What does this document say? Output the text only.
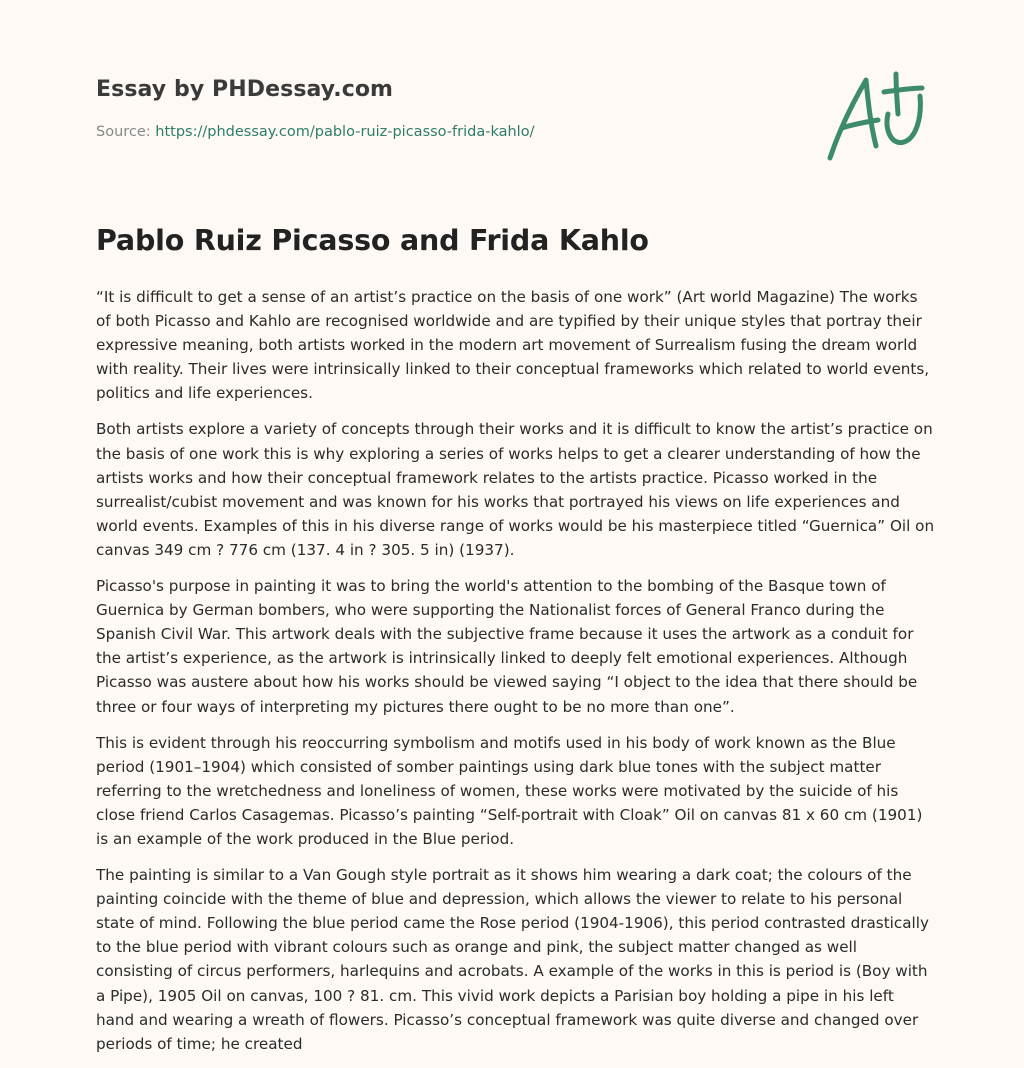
Essay by PHDessay.com
Source: https://phdessay.com/pablo-ruiz-picasso-frida-kahlo/
Pablo Ruiz Picasso and Frida Kahlo

“It is difficult to get a sense of an artist’s practice on the basis of one work” (Art world Magazine) The works of both Picasso and Kahlo are recognised worldwide and are typified by their unique styles that portray their expressive meaning, both artists worked in the modern art movement of Surrealism fusing the dream world with reality. Their lives were intrinsically linked to their conceptual frameworks which related to world events, politics and life experiences.

Both artists explore a variety of concepts through their works and it is difficult to know the artist’s practice on the basis of one work this is why exploring a series of works helps to get a clearer understanding of how the artists works and how their conceptual framework relates to the artists practice. Picasso worked in the surrealist/cubist movement and was known for his works that portrayed his views on life experiences and world events. Examples of this in his diverse range of works would be his masterpiece titled “Guernica” Oil on canvas 349 cm ? 776 cm (137. 4 in ? 305. 5 in) (1937).

Picasso's purpose in painting it was to bring the world's attention to the bombing of the Basque town of Guernica by German bombers, who were supporting the Nationalist forces of General Franco during the Spanish Civil War. This artwork deals with the subjective frame because it uses the artwork as a conduit for the artist’s experience, as the artwork is intrinsically linked to deeply felt emotional experiences. Although Picasso was austere about how his works should be viewed saying “I object to the idea that there should be three or four ways of interpreting my pictures there ought to be no more than one”.

This is evident through his reoccurring symbolism and motifs used in his body of work known as the Blue period (1901–1904) which consisted of somber paintings using dark blue tones with the subject matter referring to the wretchedness and loneliness of women, these works were motivated by the suicide of his close friend Carlos Casagemas. Picasso’s painting “Self-portrait with Cloak” Oil on canvas 81 x 60 cm (1901) is an example of the work produced in the Blue period.

The painting is similar to a Van Gough style portrait as it shows him wearing a dark coat; the colours of the painting coincide with the theme of blue and depression, which allows the viewer to relate to his personal state of mind. Following the blue period came the Rose period (1904-1906), this period contrasted drastically to the blue period with vibrant colours such as orange and pink, the subject matter changed as well consisting of circus performers, harlequins and acrobats. A example of the works in this is period is (Boy with a Pipe), 1905 Oil on canvas, 100 ? 81. cm. This vivid work depicts a Parisian boy holding a pipe in his left hand and wearing a wreath of flowers. Picasso’s conceptual framework was quite diverse and changed over periods of time; he created
